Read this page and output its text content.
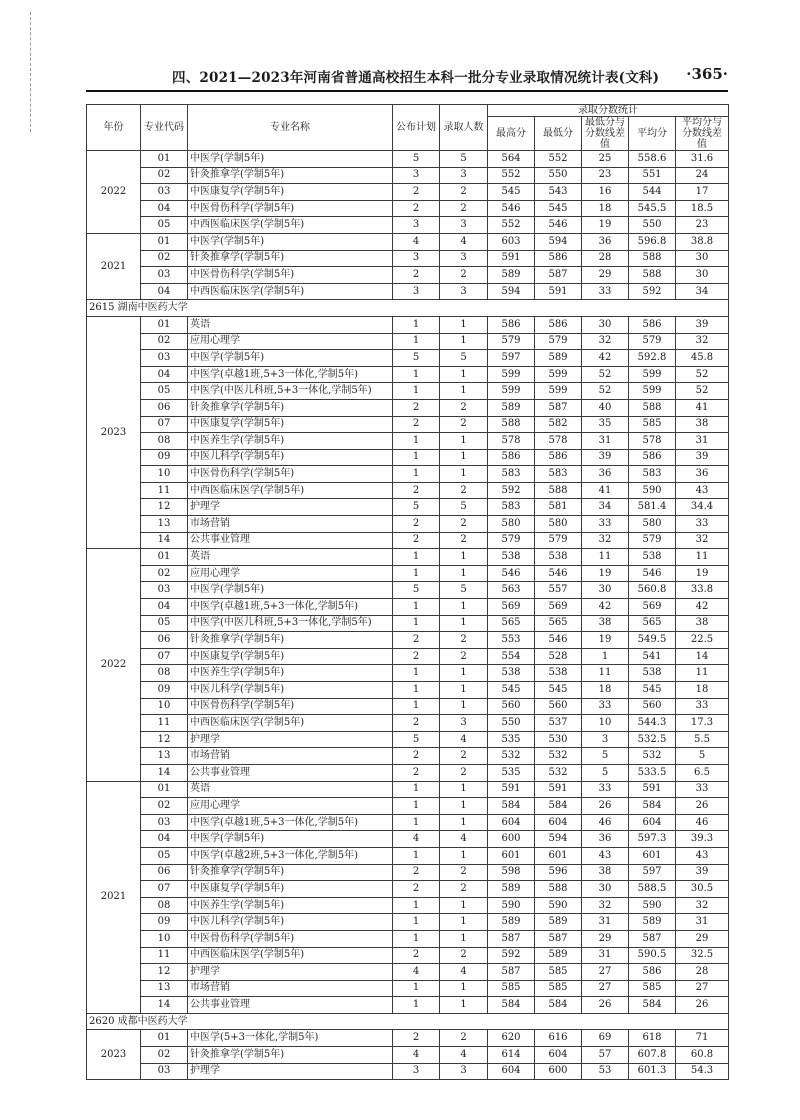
四、2021—2023年河南省普通高校招生本科一批分专业录取情况统计表(文科) ·365·
年份	专业代码	专业名称	公布计划	录取人数	录取分数统计					
					最高分	最低分	最低分与分数线差值	平均分	平均分与分数线差值	

2022	01	中医学(学制5年)	5	5	564	552	25	558.6	31.6	
	02	针灸推拿学(学制5年)	3	3	552	550	23	551	24	
	03	中医康复学(学制5年)	2	2	545	543	16	544	17	
	04	中医骨伤科学(学制5年)	2	2	546	545	18	545.5	18.5	
	05	中西医临床医学(学制5年)	3	3	552	546	19	550	23	
2021	01	中医学(学制5年)	4	4	603	594	36	596.8	38.8	
	02	针灸推拿学(学制5年)	3	3	591	586	28	588	30	
	03	中医骨伤科学(学制5年)	2	2	589	587	29	588	30	
	04	中西医临床医学(学制5年)	3	3	594	591	33	592	34	
2615 湖南中医药大学										
2023	01	英语	1	1	586	586	30	586	39	
	02	应用心理学	1	1	579	579	32	579	32	
	03	中医学(学制5年)	5	5	597	589	42	592.8	45.8	
	04	中医学(卓越1班,5+3一体化,学制5年)	1	1	599	599	52	599	52	
	05	中医学(中医儿科班,5+3一体化,学制5年)	1	1	599	599	52	599	52	
	06	针灸推拿学(学制5年)	2	2	589	587	40	588	41	
	07	中医康复学(学制5年)	2	2	588	582	35	585	38	
	08	中医养生学(学制5年)	1	1	578	578	31	578	31	
	09	中医儿科学(学制5年)	1	1	586	586	39	586	39	
	10	中医骨伤科学(学制5年)	1	1	583	583	36	583	36	
	11	中西医临床医学(学制5年)	2	2	592	588	41	590	43	
	12	护理学	5	5	583	581	34	581.4	34.4	
	13	市场营销	2	2	580	580	33	580	33	
	14	公共事业管理	2	2	579	579	32	579	32	
2022	01	英语	1	1	538	538	11	538	11	
	02	应用心理学	1	1	546	546	19	546	19	
	03	中医学(学制5年)	5	5	563	557	30	560.8	33.8	
	04	中医学(卓越1班,5+3一体化,学制5年)	1	1	569	569	42	569	42	
	05	中医学(中医儿科班,5+3一体化,学制5年)	1	1	565	565	38	565	38	
	06	针灸推拿学(学制5年)	2	2	553	546	19	549.5	22.5	
	07	中医康复学(学制5年)	2	2	554	528	1	541	14	
	08	中医养生学(学制5年)	1	1	538	538	11	538	11	
	09	中医儿科学(学制5年)	1	1	545	545	18	545	18	
	10	中医骨伤科学(学制5年)	1	1	560	560	33	560	33	
	11	中西医临床医学(学制5年)	2	3	550	537	10	544.3	17.3	
	12	护理学	5	4	535	530	3	532.5	5.5	
	13	市场营销	2	2	532	532	5	532	5	
	14	公共事业管理	2	2	535	532	5	533.5	6.5	
2021	01	英语	1	1	591	591	33	591	33	
	02	应用心理学	1	1	584	584	26	584	26	
	03	中医学(卓越1班,5+3一体化,学制5年)	1	1	604	604	46	604	46	
	04	中医学(学制5年)	4	4	600	594	36	597.3	39.3	
	05	中医学(卓越2班,5+3一体化,学制5年)	1	1	601	601	43	601	43	
	06	针灸推拿学(学制5年)	2	2	598	596	38	597	39	
	07	中医康复学(学制5年)	2	2	589	588	30	588.5	30.5	
	08	中医养生学(学制5年)	1	1	590	590	32	590	32	
	09	中医儿科学(学制5年)	1	1	589	589	31	589	31	
	10	中医骨伤科学(学制5年)	1	1	587	587	29	587	29	
	11	中西医临床医学(学制5年)	2	2	592	589	31	590.5	32.5	
	12	护理学	4	4	587	585	27	586	28	
	13	市场营销	1	1	585	585	27	585	27	
	14	公共事业管理	1	1	584	584	26	584	26	
2620 成都中医药大学										
2023	01	中医学(5+3一体化,学制5年)	2	2	620	616	69	618	71	
	02	针灸推拿学(学制5年)	4	4	614	604	57	607.8	60.8	
	03	护理学	3	3	604	600	53	601.3	54.3	
